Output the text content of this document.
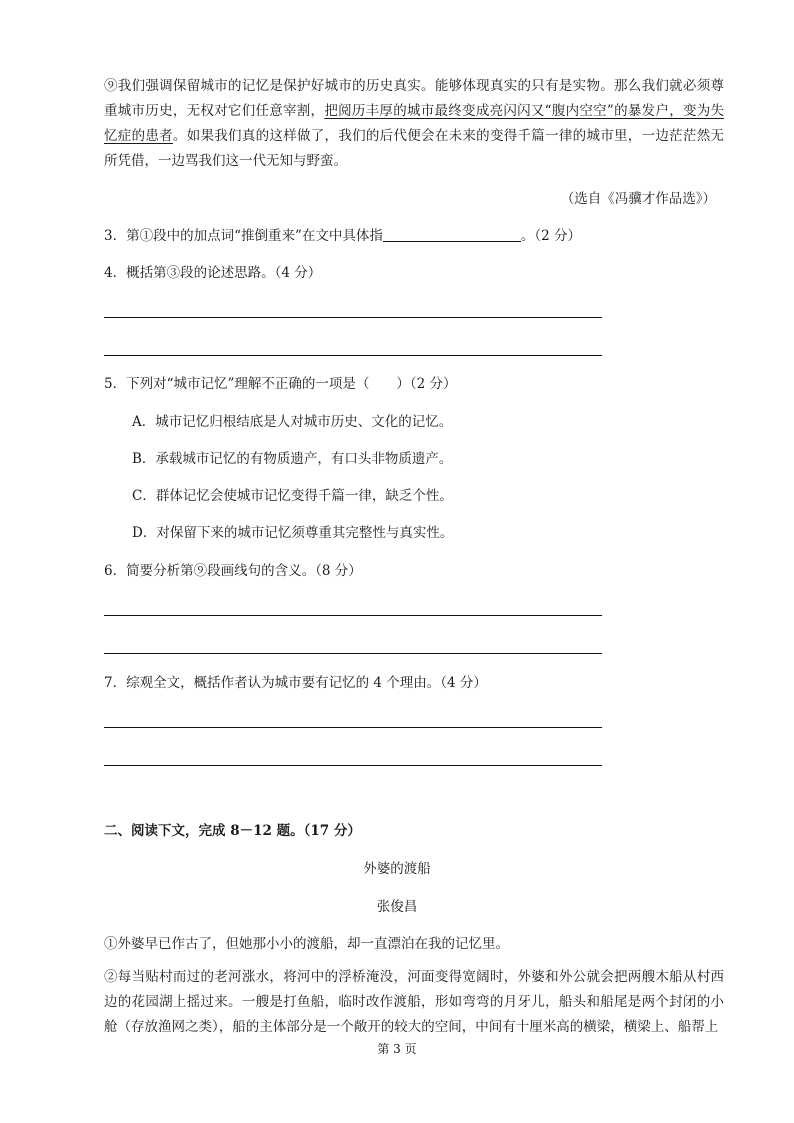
⑨我们强调保留城市的记忆是保护好城市的历史真实。能够体现真实的只有是实物。那么我们就必须尊重城市历史，无权对它们任意宰割，把阅历丰厚的城市最终变成亮闪闪又“腹内空空”的暴发户，变为失忆症的患者。如果我们真的这样做了，我们的后代便会在未来的变得千篇一律的城市里，一边茫茫然无所凭借，一边骂我们这一代无知与野蛮。

（选自《冯骥才作品选》）

3．第①段中的加点词“推倒重来”在文中具体指	。（2 分）

4．概括第③段的论述思路。（4 分）

5．下列对“城市记忆”理解不正确的一项是（　　）（2 分）

A．城市记忆归根结底是人对城市历史、文化的记忆。

B．承载城市记忆的有物质遗产，有口头非物质遗产。

C．群体记忆会使城市记忆变得千篇一律，缺乏个性。

D．对保留下来的城市记忆须尊重其完整性与真实性。

6．简要分析第⑨段画线句的含义。（8 分）

7．综观全文，概括作者认为城市要有记忆的 4 个理由。（4 分）

二、阅读下文，完成 8－12 题。（17 分）

外婆的渡船

张俊昌

①外婆早已作古了，但她那小小的渡船，却一直漂泊在我的记忆里。

②每当贴村而过的老河涨水，将河中的浮桥淹没，河面变得宽阔时，外婆和外公就会把两艘木船从村西边的花园湖上摇过来。一艘是打鱼船，临时改作渡船，形如弯弯的月牙儿，船头和船尾是两个封闭的小舱（存放渔网之类），船的主体部分是一个敞开的较大的空间，中间有十厘米高的横梁，横梁上、船帮上

第 3 页
